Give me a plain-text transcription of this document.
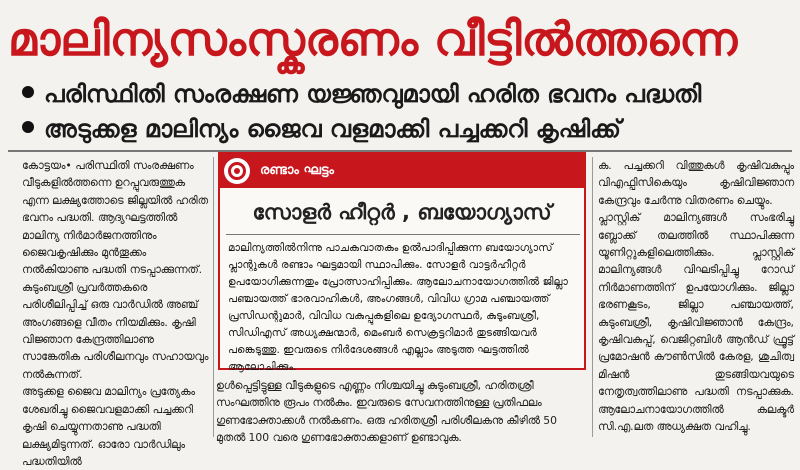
മാലിന്യസംസ്കരണം വീട്ടിൽത്തന്നെ
പരിസ്ഥിതി സംരക്ഷണ യജ്ഞവുമായി ഹരിത ഭവനം പദ്ധതി
അടുക്കള മാലിന്യം ജൈവ വളമാക്കി പച്ചക്കറി കൃഷിക്ക്
കോട്ടയം• പരിസ്ഥിതി സംരക്ഷണം വീടുകളിൽത്തന്നെ ഉറപ്പുവരുത്തുക എന്ന ലക്ഷ്യത്തോടെ ജില്ലയിൽ ഹരിത ഭവനം പദ്ധതി. ആദ്യഘട്ടത്തിൽ മാലിന്യ നിർമാർജനത്തിനും ജൈവകൃഷിക്കും മുൻതൂക്കം നൽകിയാണു പദ്ധതി നടപ്പാക്കുന്നത്. കുടുംബശ്രീ പ്രവർത്തകരെ പരിശീലിപ്പിച്ച് ഒരു വാർഡിൽ അഞ്ച് അംഗങ്ങളെ വീതം നിയമിക്കും. കൃഷി വിജ്ഞാന കേന്ദ്രത്തിലാണു സാങ്കേതിക പരിശീലനവും സഹായവും നൽകുന്നത്.
അടുക്കള ജൈവ മാലിന്യം പ്രത്യേകം ശേഖരിച്ചു ജൈവവളമാക്കി പച്ചക്കറി കൃഷി ചെയ്യുന്നതാണു പദ്ധതി ലക്ഷ്യമിടുന്നത്. ഓരോ വാർഡിലും പദ്ധതിയിൽ
രണ്ടാം ഘട്ടം
സോളർ ഹീറ്റർ , ബയോഗ്യാസ്
മാലിന്യത്തിൽനിന്നു പാചകവാതകം ഉൽപാദിപ്പിക്കുന്ന ബയോഗ്യാസ് പ്ലാന്റുകൾ രണ്ടാം ഘട്ടമായി സ്ഥാപിക്കും. സോളർ വാട്ടർഹീറ്റർ ഉപയോഗിക്കുന്നതും പ്രോത്സാഹിപ്പിക്കും. ആലോചനായോഗത്തിൽ ജില്ലാ പഞ്ചായത്ത് ഭാരവാഹികൾ, അംഗങ്ങൾ, വിവിധ ഗ്രാമ പഞ്ചായത്ത് പ്രസിഡന്റുമാർ, വിവിധ വകുപ്പുകളിലെ ഉദ്യോഗസ്ഥർ, കുടുംബശ്രീ, സിഡിഎസ് അധ്യക്ഷന്മാർ, മെംബർ സെക്രട്ടറിമാർ തുടങ്ങിയവർ പങ്കെടുത്തു. ഇവരുടെ നിർദേശങ്ങൾ എല്ലാം അടുത്ത ഘട്ടത്തിൽ ആലോചിക്കും.
ഉൾപ്പെട്ടിട്ടുള്ള വീടുകളുടെ എണ്ണം നിശ്ചയിച്ചു കുടുംബശ്രീ, ഹരിതശ്രീ സംഘത്തിനു രൂപം നൽകും. ഇവരുടെ സേവനത്തിനുള്ള പ്രതിഫലം ഗുണഭോക്താക്കൾ നൽകണം. ഒരു ഹരിതശ്രീ പരിശീലകനു കീഴിൽ 50 മുതൽ 100 വരെ ഗുണഭോക്താക്കളാണ് ഉണ്ടാവുക.
ക. പച്ചക്കറി വിത്തുകൾ കൃഷിവകുപ്പും വിഎഫ്പിസികെയും കൃഷിവിജ്ഞാന കേന്ദ്രവും ചേർന്നു വിതരണം ചെയ്യും.
പ്ലാസ്റ്റിക് മാലിന്യങ്ങൾ സംഭരിച്ചു ബ്ലോക്ക് തലത്തിൽ സ്ഥാപിക്കുന്ന യൂണിറ്റുകളിലെത്തിക്കും. പ്ലാസ്റ്റിക് മാലിന്യങ്ങൾ വിഘടിപ്പിച്ചു റോഡ് നിർമാണത്തിന് ഉപയോഗിക്കും. ജില്ലാ ഭരണകൂടം, ജില്ലാ പഞ്ചായത്ത്, കുടുംബശ്രീ, കൃഷിവിജ്ഞാൻ കേന്ദ്രം, കൃഷിവകുപ്പ്, വെജിറ്റബിൾ ആൻഡ് ഫ്രൂട്ട് പ്രമോഷൻ കൗൺസിൽ കേരള, ശുചിത്വ മിഷൻ തുടങ്ങിയവയുടെ നേതൃത്വത്തിലാണു പദ്ധതി നടപ്പാക്കുക. ആലോചനായോഗത്തിൽ കലക്ടർ സി.എ.ലത അധ്യക്ഷത വഹിച്ചു.
